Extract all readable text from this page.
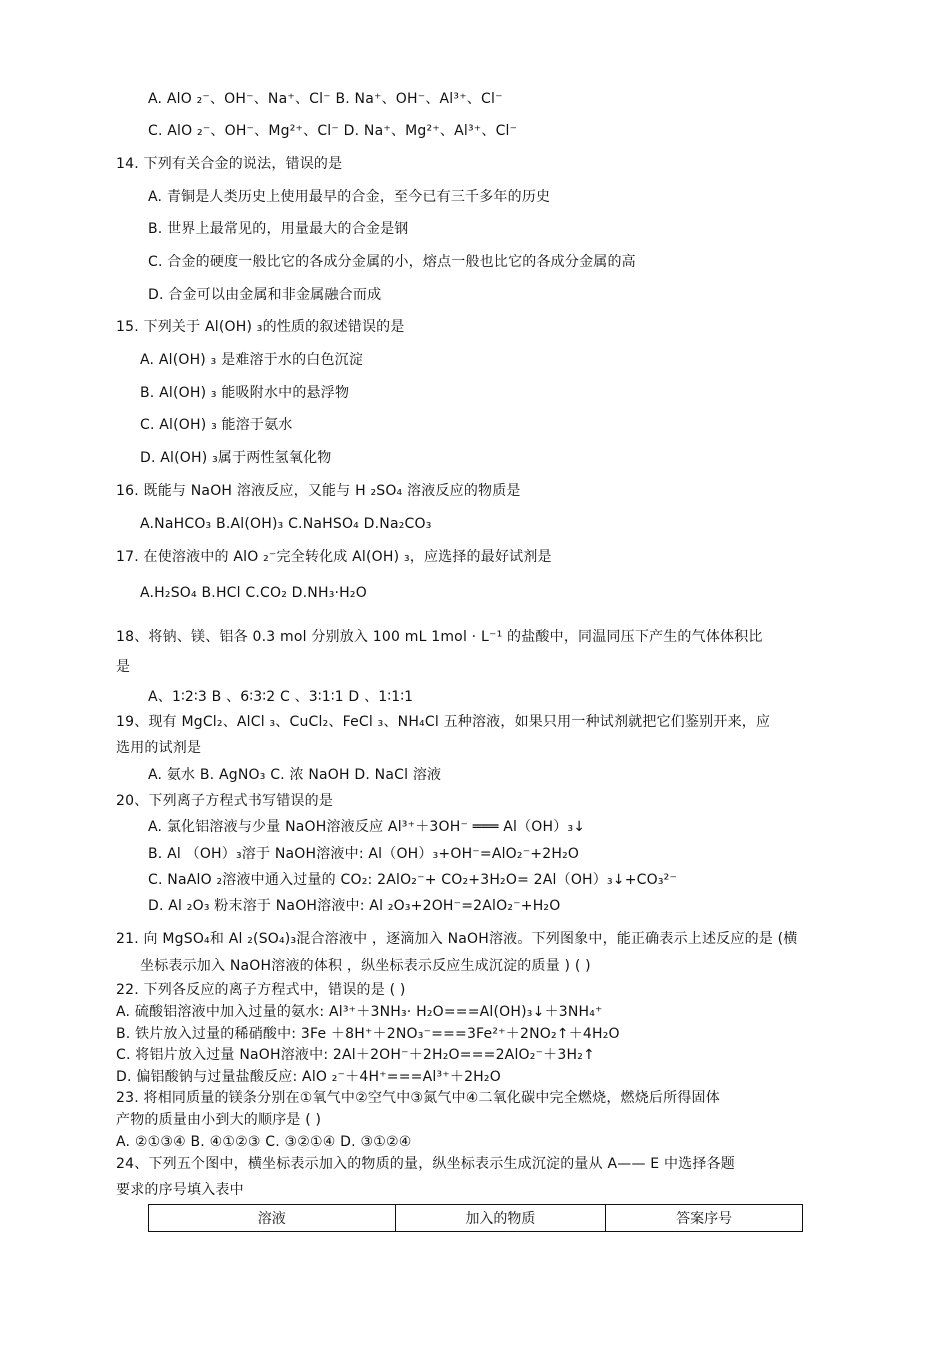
A. AlO ₂⁻、OH⁻、Na⁺、Cl⁻ B. Na⁺、OH⁻、Al³⁺、Cl⁻
C. AlO ₂⁻、OH⁻、Mg²⁺、Cl⁻ D. Na⁺、Mg²⁺、Al³⁺、Cl⁻
14. 下列有关合金的说法，错误的是
A. 青铜是人类历史上使用最早的合金，至今已有三千多年的历史
B. 世界上最常见的，用量最大的合金是钢
C. 合金的硬度一般比它的各成分金属的小，熔点一般也比它的各成分金属的高
D. 合金可以由金属和非金属融合而成
15. 下列关于 Al(OH) ₃的性质的叙述错误的是
A. Al(OH) ₃ 是难溶于水的白色沉淀
B. Al(OH) ₃ 能吸附水中的悬浮物
C. Al(OH) ₃ 能溶于氨水
D. Al(OH) ₃属于两性氢氧化物
16. 既能与 NaOH 溶液反应，又能与 H ₂SO₄ 溶液反应的物质是
A.NaHCO₃ B.Al(OH)₃ C.NaHSO₄ D.Na₂CO₃
17. 在使溶液中的 AlO ₂⁻完全转化成 Al(OH) ₃，应选择的最好试剂是
A.H₂SO₄ B.HCl C.CO₂ D.NH₃·H₂O
18、将钠、镁、铝各 0.3 mol 分别放入 100 mL 1mol · L⁻¹ 的盐酸中，同温同压下产生的气体体积比
是
A、1∶2∶3 B 、6∶3∶2 C 、3∶1∶1 D 、1∶1∶1
19、现有 MgCl₂、AlCl ₃、CuCl₂、FeCl ₃、NH₄Cl 五种溶液，如果只用一种试剂就把它们鉴别开来，应
选用的试剂是
A. 氨水 B. AgNO₃ C. 浓 NaOH D. NaCl 溶液
20、下列离子方程式书写错误的是
A. 氯化铝溶液与少量 NaOH溶液反应 Al³⁺＋3OH⁻ ═══ Al（OH）₃↓
B. Al （OH）₃溶于 NaOH溶液中: Al（OH）₃+OH⁻=AlO₂⁻+2H₂O
C. NaAlO ₂溶液中通入过量的 CO₂: 2AlO₂⁻+ CO₂+3H₂O= 2Al（OH）₃↓+CO₃²⁻
D. Al ₂O₃ 粉末溶于 NaOH溶液中: Al ₂O₃+2OH⁻=2AlO₂⁻+H₂O
21. 向 MgSO₄和 Al ₂(SO₄)₃混合溶液中 ，逐滴加入 NaOH溶液。下列图象中，能正确表示上述反应的是 (横
坐标表示加入 NaOH溶液的体积 ，纵坐标表示反应生成沉淀的质量 ) ( )
22. 下列各反应的离子方程式中，错误的是 ( )
A. 硫酸铝溶液中加入过量的氨水: Al³⁺＋3NH₃· H₂O===Al(OH)₃↓＋3NH₄⁺
B. 铁片放入过量的稀硝酸中: 3Fe ＋8H⁺＋2NO₃⁻===3Fe²⁺＋2NO₂↑＋4H₂O
C. 将铝片放入过量 NaOH溶液中: 2Al＋2OH⁻＋2H₂O===2AlO₂⁻＋3H₂↑
D. 偏铝酸钠与过量盐酸反应: AlO ₂⁻＋4H⁺===Al³⁺＋2H₂O
23. 将相同质量的镁条分别在①氧气中②空气中③氮气中④二氧化碳中完全燃烧，燃烧后所得固体
产物的质量由小到大的顺序是 ( )
A. ②①③④ B. ④①②③ C. ③②①④ D. ③①②④
24、下列五个图中，横坐标表示加入的物质的量，纵坐标表示生成沉淀的量从 A—— E 中选择各题
要求的序号填入表中
溶液	加入的物质	答案序号
